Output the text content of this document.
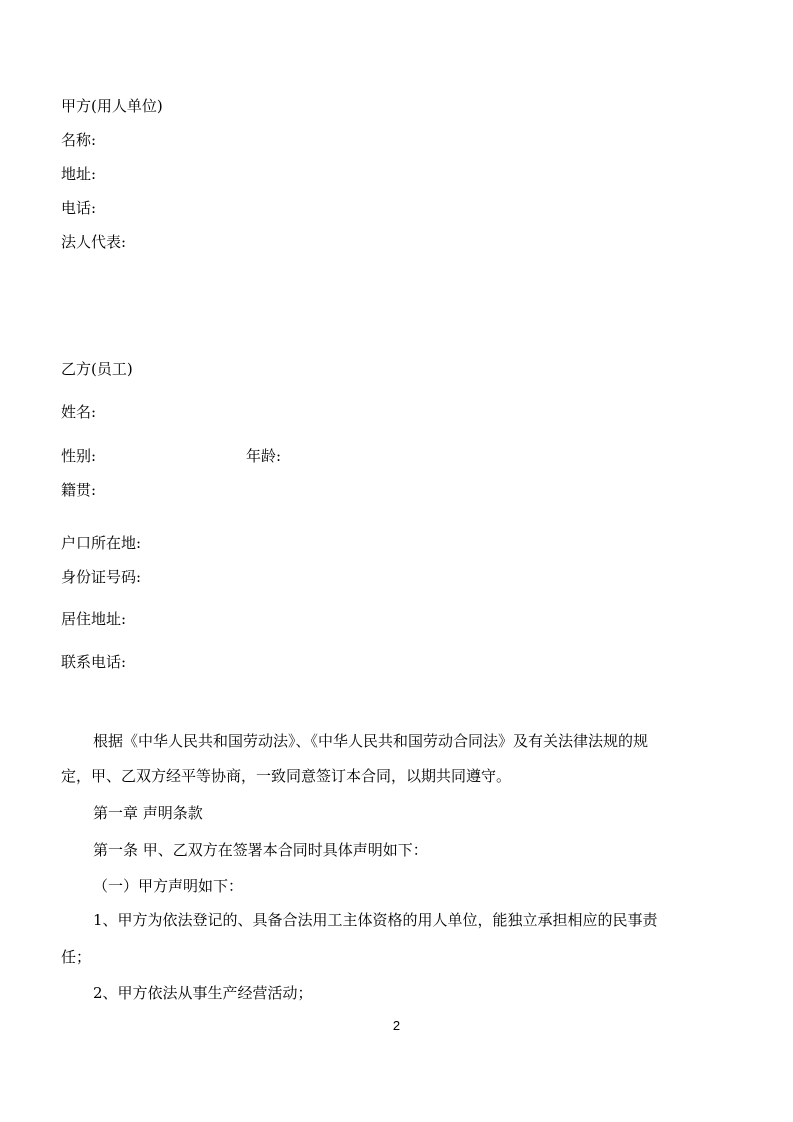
甲方(用人单位)
名称:
地址:
电话:
法人代表:
乙方(员工)
姓名:
性别:	年龄:
籍贯:
户口所在地:
身份证号码:
居住地址:
联系电话:
根据《中华人民共和国劳动法》、《中华人民共和国劳动合同法》及有关法律法规的规
定，甲、乙双方经平等协商，一致同意签订本合同，以期共同遵守。
第一章 声明条款
第一条 甲、乙双方在签署本合同时具体声明如下：
（一）甲方声明如下：
1、甲方为依法登记的、具备合法用工主体资格的用人单位，能独立承担相应的民事责
任；
2、甲方依法从事生产经营活动；
2
